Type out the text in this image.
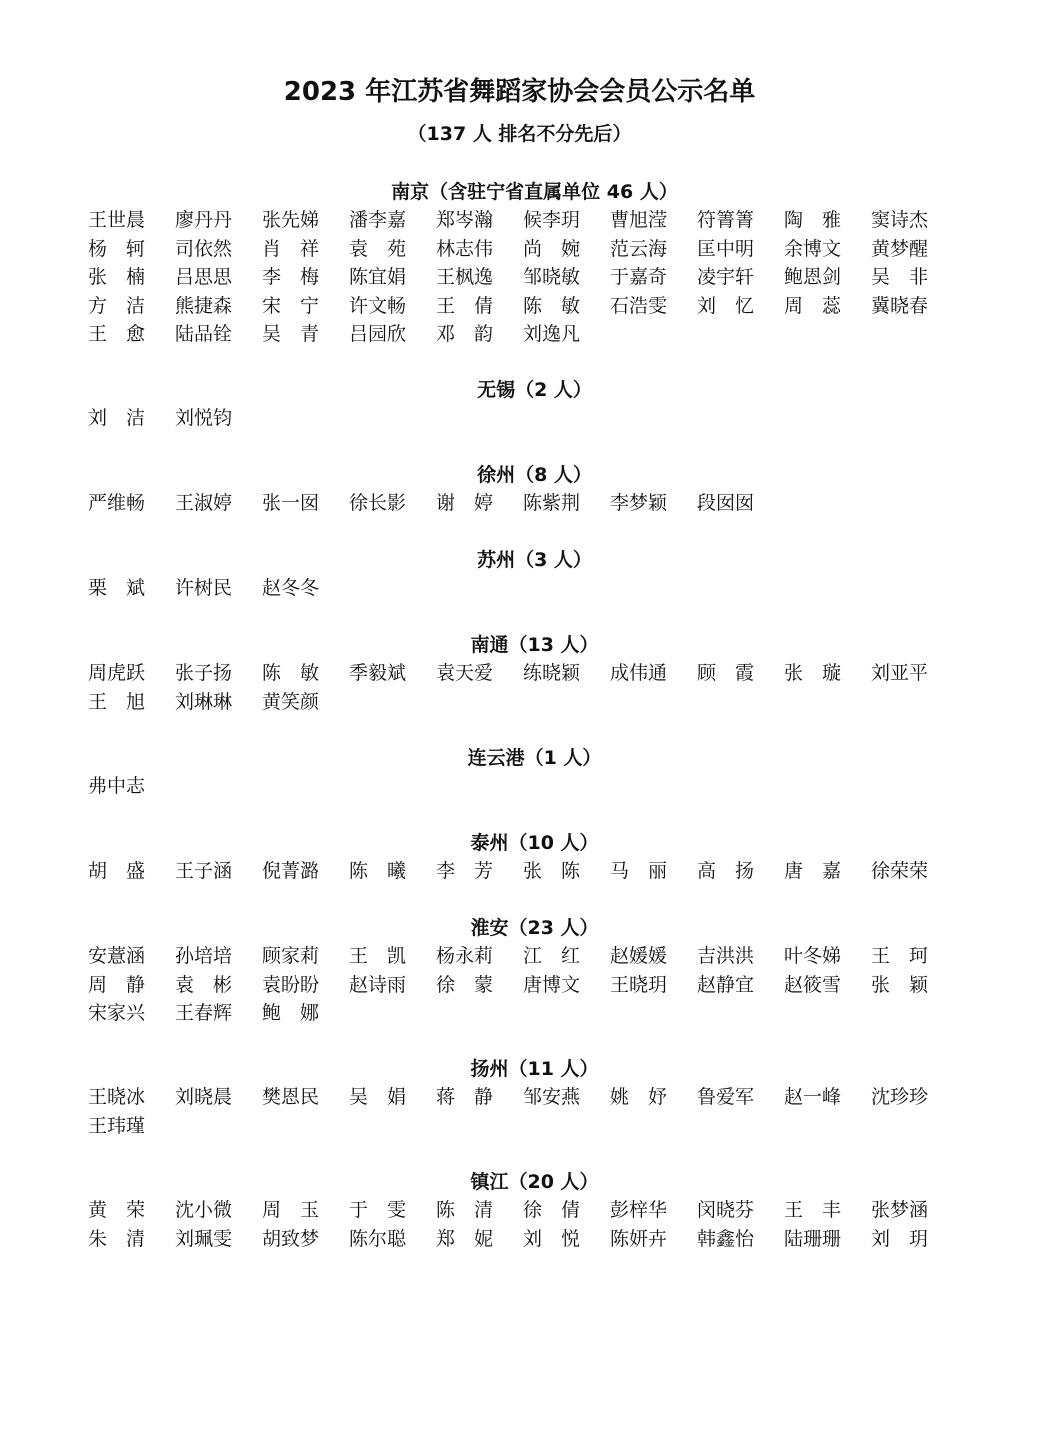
2023 年江苏省舞蹈家协会会员公示名单
（137 人 排名不分先后）
南京（含驻宁省直属单位 46 人）
王世晨	廖丹丹	张先娣	潘李嘉	郑岑瀚	候李玥	曹旭滢	符箐箐	陶　雅	窦诗杰
杨　轲	司依然	肖　祥	袁　苑	林志伟	尚　婉	范云海	匡中明	余博文	黄梦醒
张　楠	吕思思	李　梅	陈宜娟	王枫逸	邹晓敏	于嘉奇	凌宇轩	鲍恩剑	吴　非
方　洁	熊捷森	宋　宁	许文畅	王　倩	陈　敏	石浩雯	刘　忆	周　蕊	冀晓春
王　愈	陆品铨	吴　青	吕园欣	邓　韵	刘逸凡
无锡（2 人）
刘　洁	刘悦钧
徐州（8 人）
严维畅	王淑婷	张一囡	徐长影	谢　婷	陈紫荆	李梦颖	段囡囡
苏州（3 人）
栗　斌	许树民	赵冬冬
南通（13 人）
周虎跃	张子扬	陈　敏	季毅斌	袁天爱	练晓颖	成伟通	顾　霞	张　璇	刘亚平
王　旭	刘琳琳	黄笑颜
连云港（1 人）
弗中志
泰州（10 人）
胡　盛	王子涵	倪菁潞	陈　曦	李　芳	张　陈	马　丽	高　扬	唐　嘉	徐荣荣
淮安（23 人）
安薏涵	孙培培	顾家莉	王　凯	杨永莉	江　红	赵媛媛	吉洪洪	叶冬娣	王　珂
周　静	袁　彬	袁盼盼	赵诗雨	徐　蒙	唐博文	王晓玥	赵静宜	赵筱雪	张　颖
宋家兴	王春辉	鲍　娜
扬州（11 人）
王晓冰	刘晓晨	樊恩民	吴　娟	蒋　静	邹安燕	姚　妤	鲁爱军	赵一峰	沈珍珍
王玮瑾
镇江（20 人）
黄　荣	沈小微	周　玉	于　雯	陈　清	徐　倩	彭梓华	闵晓芬	王　丰	张梦涵
朱　清	刘珮雯	胡致梦	陈尔聪	郑　妮	刘　悦	陈妍卉	韩鑫怡	陆珊珊	刘　玥
